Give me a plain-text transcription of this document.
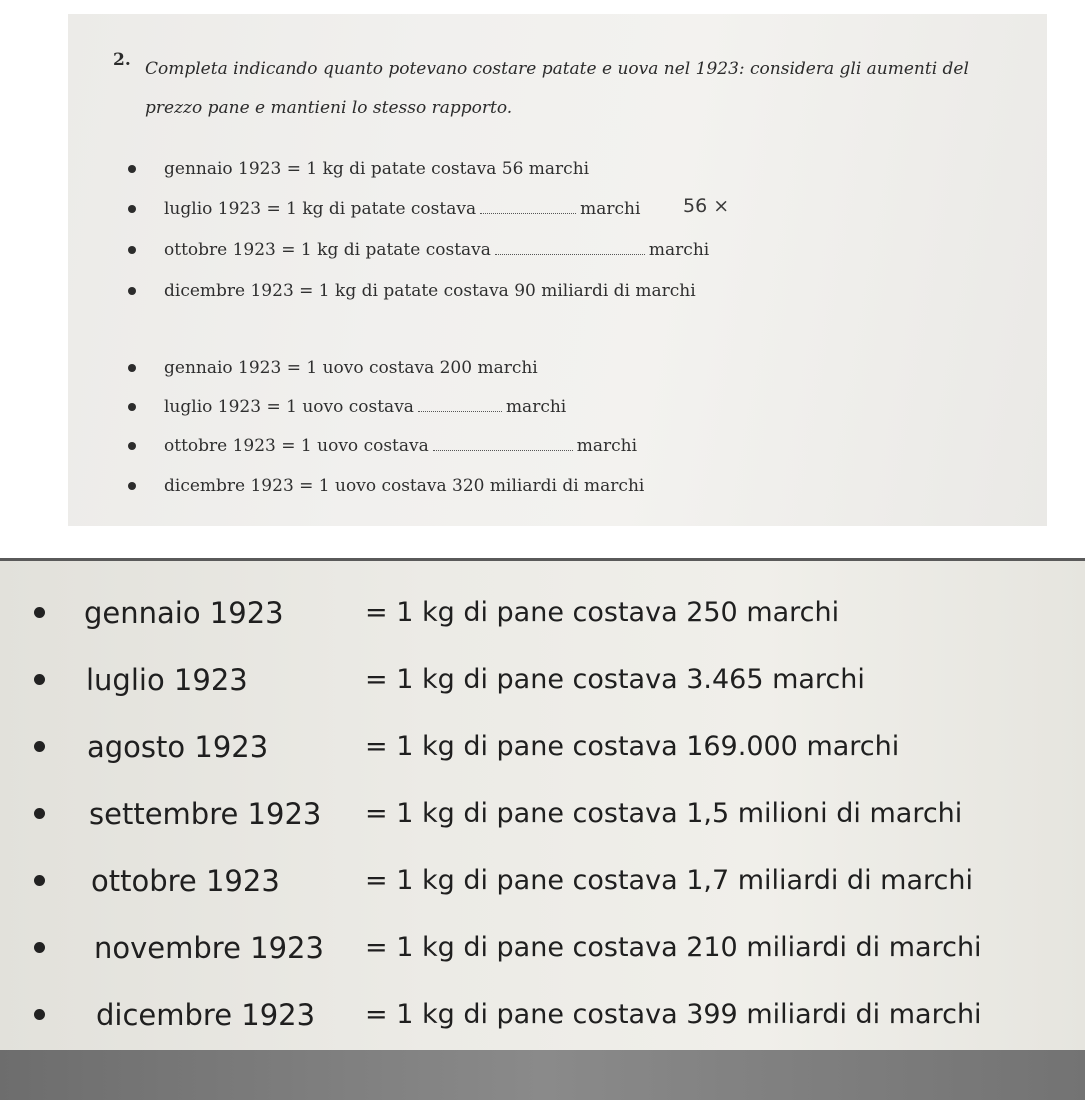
2. Completa indicando quanto potevano costare patate e uova nel 1923: considera gli aumenti del prezzo pane e mantieni lo stesso rapporto.
gennaio 1923 = 1 kg di patate costava 56 marchi
luglio 1923 = 1 kg di patate costava	marchi 56 ×
ottobre 1923 = 1 kg di patate costava	marchi
dicembre 1923 = 1 kg di patate costava 90 miliardi di marchi
gennaio 1923 = 1 uovo costava 200 marchi
luglio 1923 = 1 uovo costava	marchi
ottobre 1923 = 1 uovo costava	marchi
dicembre 1923 = 1 uovo costava 320 miliardi di marchi
gennaio 1923	= 1 kg di pane costava 250 marchi
luglio 1923	= 1 kg di pane costava 3.465 marchi
agosto 1923	= 1 kg di pane costava 169.000 marchi
settembre 1923 = 1 kg di pane costava 1,5 milioni di marchi
ottobre 1923	= 1 kg di pane costava 1,7 miliardi di marchi
novembre 1923 = 1 kg di pane costava 210 miliardi di marchi
dicembre 1923 = 1 kg di pane costava 399 miliardi di marchi
